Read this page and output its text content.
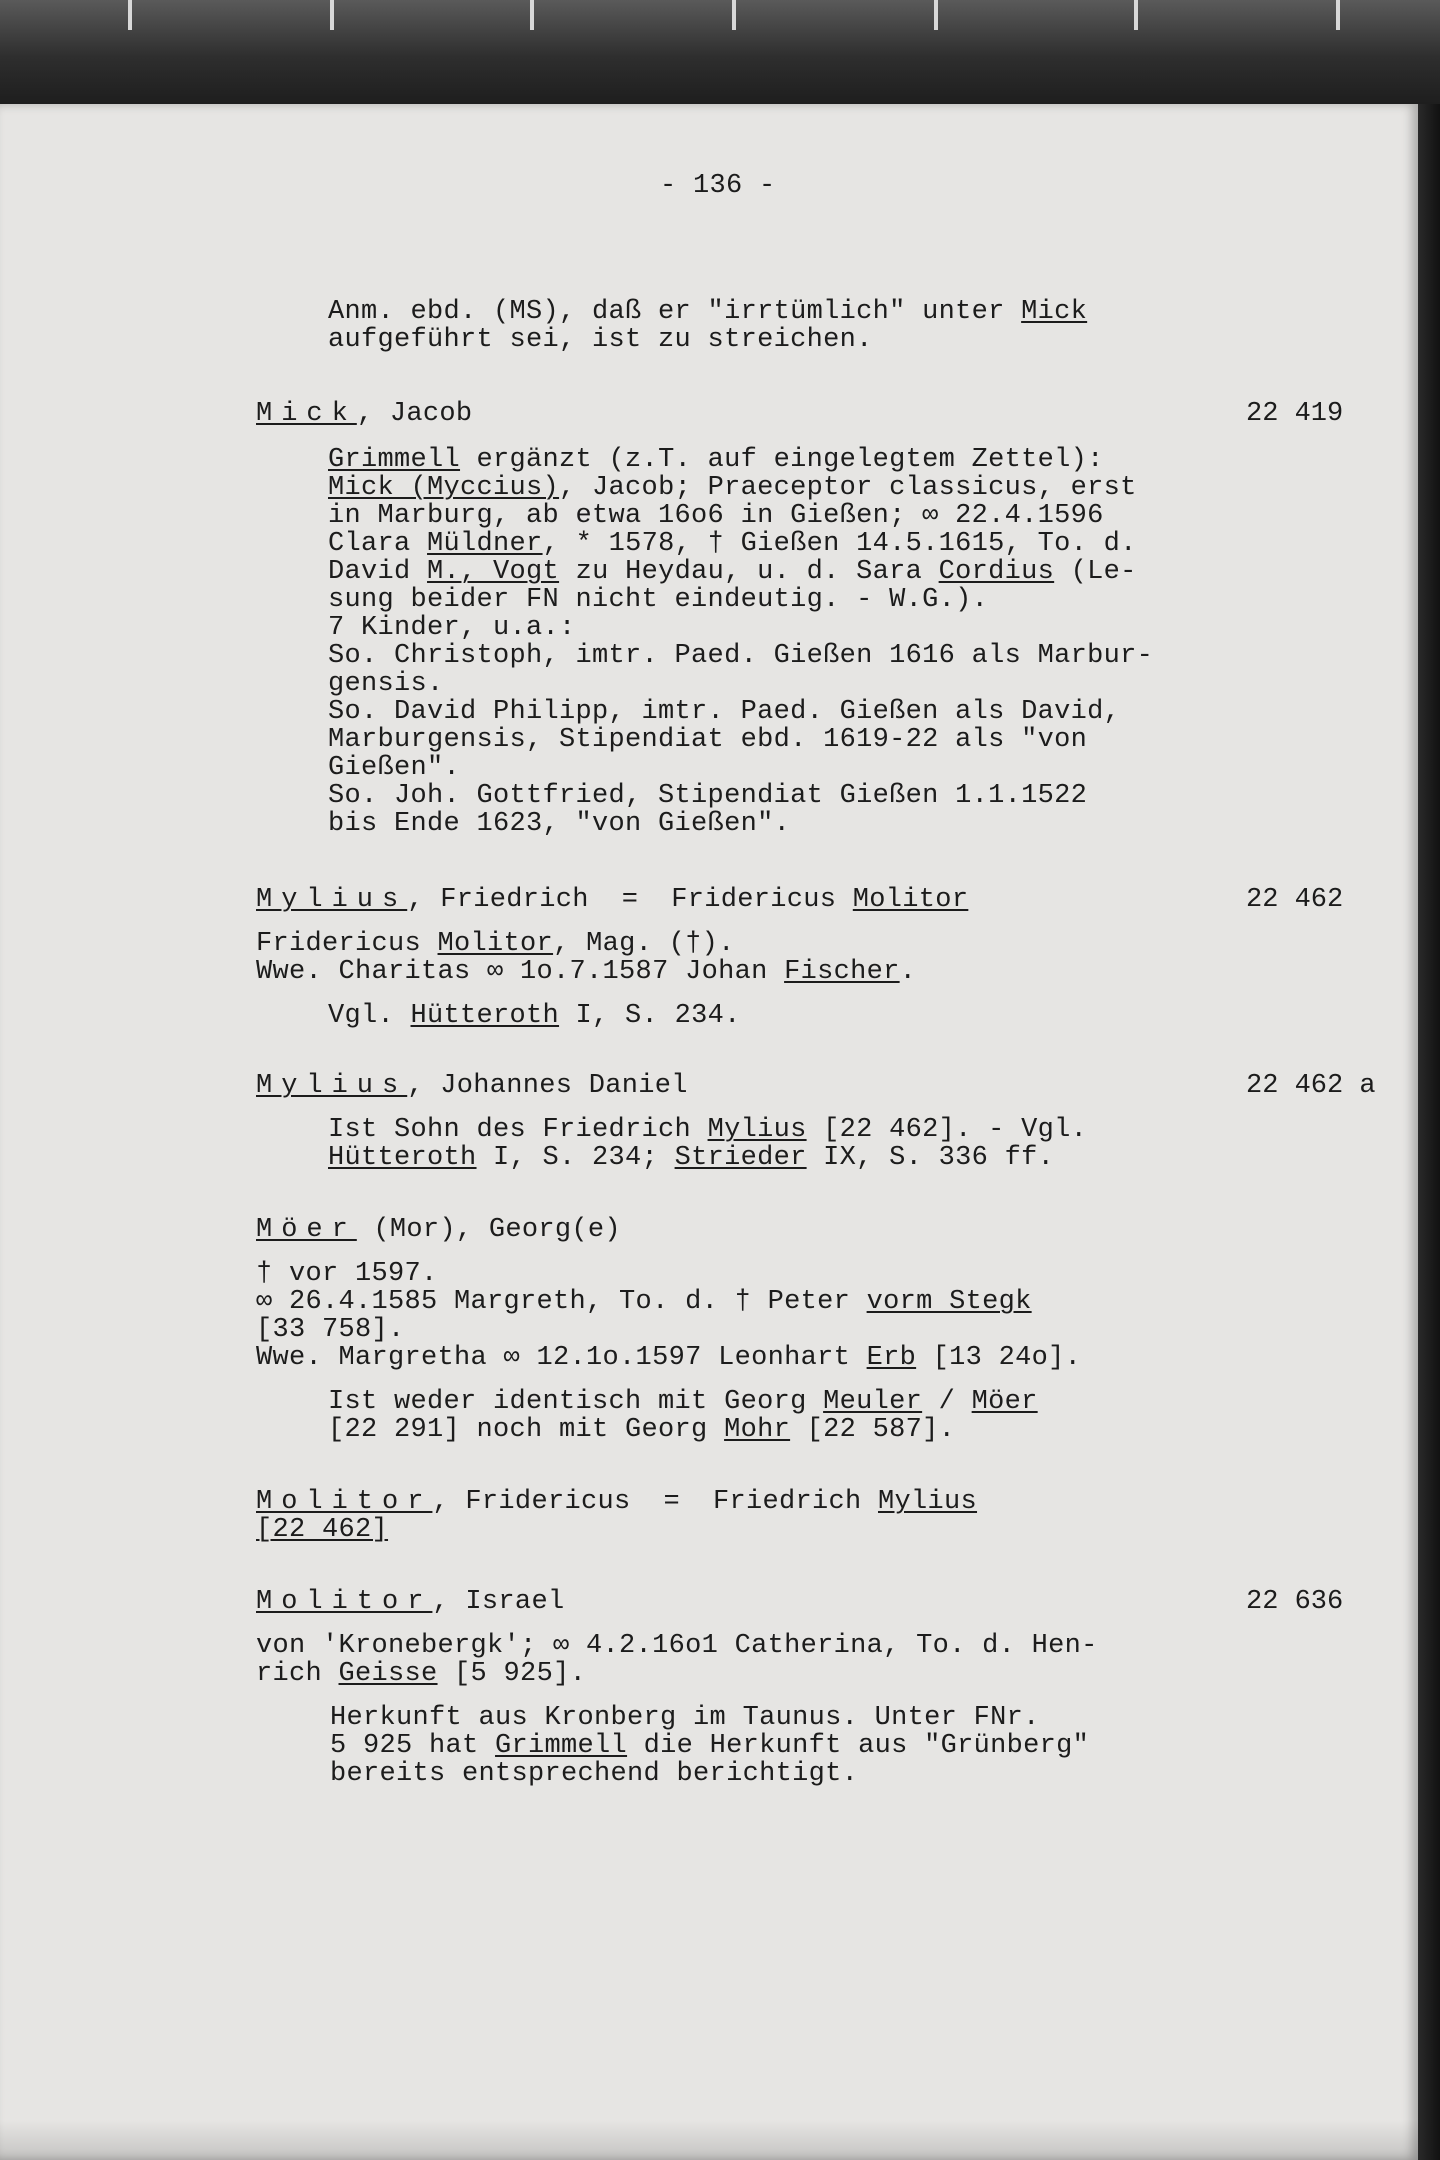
- 136 -
Anm. ebd. (MS), daß er "irrtümlich" unter Mick
aufgeführt sei, ist zu streichen.
Mick, Jacob	22 419
Grimmell ergänzt (z.T. auf eingelegtem Zettel):
Mick (Myccius), Jacob; Praeceptor classicus, erst
in Marburg, ab etwa 16o6 in Gießen; ∞ 22.4.1596
Clara Müldner, * 1578, † Gießen 14.5.1615, To. d.
David M., Vogt zu Heydau, u. d. Sara Cordius (Le-
sung beider FN nicht eindeutig. - W.G.).
7 Kinder, u.a.:
So. Christoph, imtr. Paed. Gießen 1616 als Marbur-
gensis.
So. David Philipp, imtr. Paed. Gießen als David,
Marburgensis, Stipendiat ebd. 1619-22 als "von
Gießen".
So. Joh. Gottfried, Stipendiat Gießen 1.1.1522
bis Ende 1623, "von Gießen".
Mylius, Friedrich  =  Fridericus Molitor	22 462
Fridericus Molitor, Mag. (†).
Wwe. Charitas ∞ 1o.7.1587 Johan Fischer.
Vgl. Hütteroth I, S. 234.
Mylius, Johannes Daniel	22 462 a
Ist Sohn des Friedrich Mylius [22 462]. - Vgl.
Hütteroth I, S. 234; Strieder IX, S. 336 ff.
Möer (Mor), Georg(e)
† vor 1597.
∞ 26.4.1585 Margreth, To. d. † Peter vorm Stegk
[33 758].
Wwe. Margretha ∞ 12.1o.1597 Leonhart Erb [13 24o].
Ist weder identisch mit Georg Meuler / Möer
[22 291] noch mit Georg Mohr [22 587].
Molitor, Fridericus  =  Friedrich Mylius
[22 462]
Molitor, Israel	22 636
von 'Kronebergk'; ∞ 4.2.16o1 Catherina, To. d. Hen-
rich Geisse [5 925].
Herkunft aus Kronberg im Taunus. Unter FNr.
5 925 hat Grimmell die Herkunft aus "Grünberg"
bereits entsprechend berichtigt.
